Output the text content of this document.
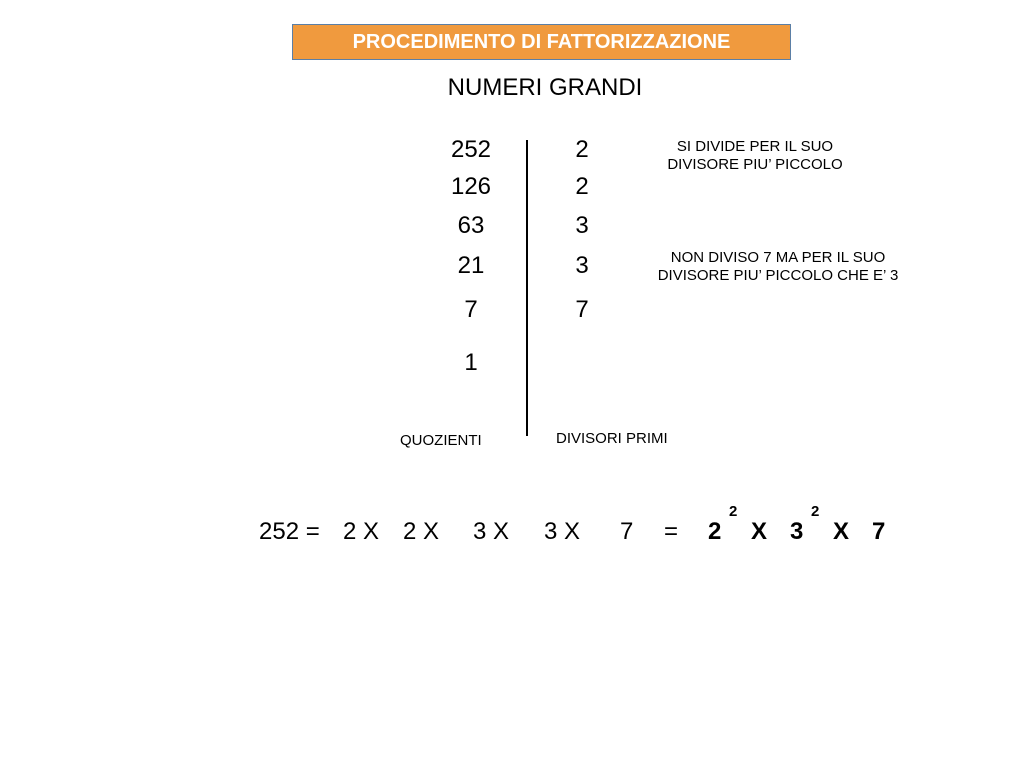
PROCEDIMENTO DI FATTORIZZAZIONE
NUMERI GRANDI
252
126
63
21
7
1
2
2
3
3
7
SI DIVIDE PER IL SUO
DIVISORE PIU’ PICCOLO
NON DIVISO 7 MA PER IL SUO
DIVISORE PIU’ PICCOLO CHE E’ 3
QUOZIENTI	DIVISORI PRIMI
252 = 2 X 2 X 3 X 3 X 7 = 2
2
X 3
2
X 7
